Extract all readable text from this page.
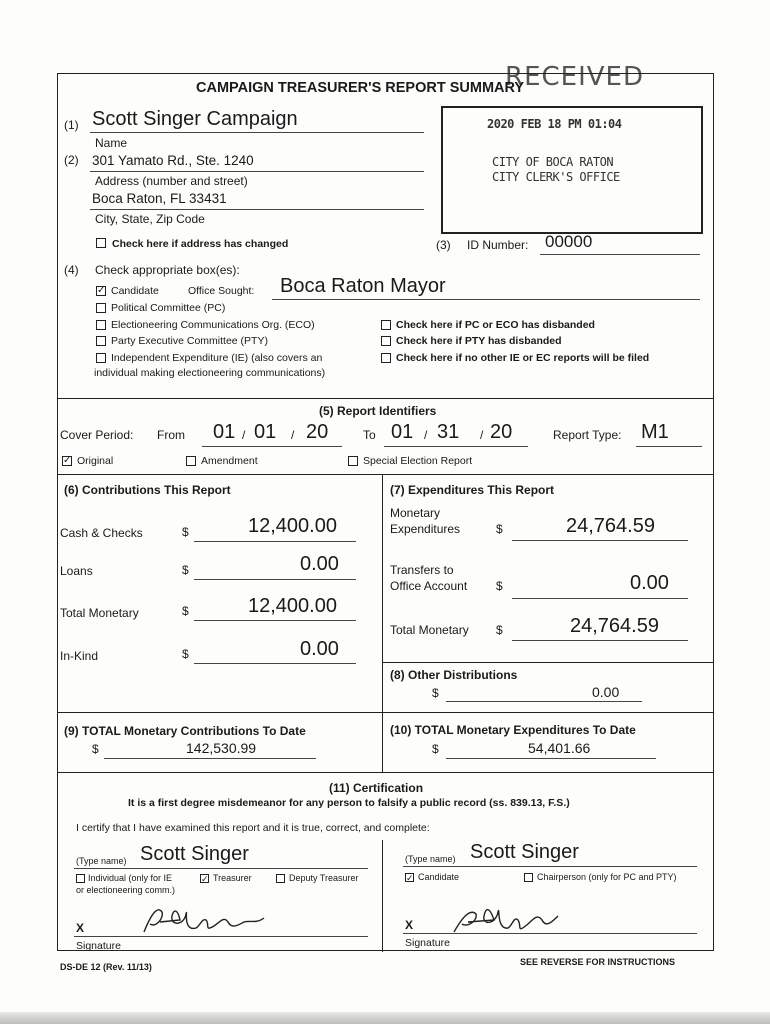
RECEIVED
CAMPAIGN TREASURER'S REPORT SUMMARY
(1) Scott Singer Campaign
Name
(2) 301 Yamato Rd., Ste. 1240
Address (number and street)
Boca Raton, FL 33431
City, State, Zip Code
Check here if address has changed	(3) ID Number: 00000
2020 FEB 18 PM 01:04
CITY OF BOCA RATON
CITY CLERK'S OFFICE
(4) Check appropriate box(es):
✓ Candidate	Office Sought: Boca Raton Mayor
Political Committee (PC)
Electioneering Communications Org. (ECO)
Party Executive Committee (PTY)
Independent Expenditure (IE) (also covers an
individual making electioneering communications)
Check here if PC or ECO has disbanded
Check here if PTY has disbanded
Check here if no other IE or EC reports will be filed
(5) Report Identifiers
Cover Period: From 01 / 01 / 20	To 01 / 31 / 20	Report Type: M1
✓ Original	Amendment	Special Election Report
(6) Contributions This Report
Cash & Checks	$	12,400.00
Loans	$	0.00
Total Monetary	$	12,400.00
In-Kind	$	0.00
(7) Expenditures This Report
Monetary
Expenditures	$	24,764.59
Transfers to
Office Account $	0.00
Total Monetary $	24,764.59
(8) Other Distributions
$	0.00
(9) TOTAL Monetary Contributions To Date
$	142,530.99
(10) TOTAL Monetary Expenditures To Date
$	54,401.66
(11) Certification
It is a first degree misdemeanor for any person to falsify a public record (ss. 839.13, F.S.)
I certify that I have examined this report and it is true, correct, and complete:
(Type name) Scott Singer
Individual (only for IE
or electioneering comm.)
✓ Treasurer	Deputy Treasurer
X
Signature
(Type name) Scott Singer
✓ Candidate	Chairperson (only for PC and PTY)
X
Signature
DS-DE 12 (Rev. 11/13)	SEE REVERSE FOR INSTRUCTIONS
